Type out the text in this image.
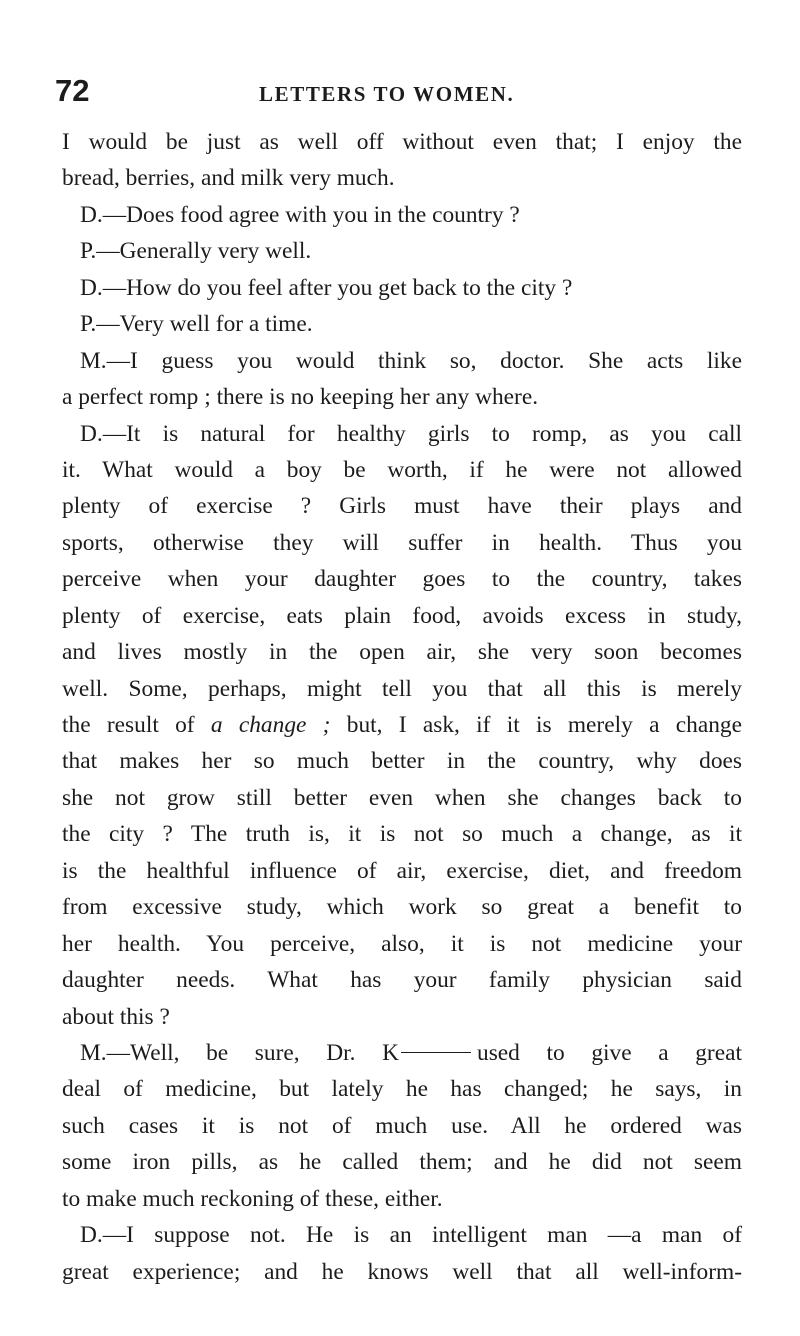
72	LETTERS TO WOMEN.
I would be just as well off without even that; I enjoy the
bread, berries, and milk very much.
D.—Does food agree with you in the country ?
P.—Generally very well.
D.—How do you feel after you get back to the city ?
P.—Very well for a time.
M.—I guess you would think so, doctor. She acts like
a perfect romp ; there is no keeping her any where.
D.—It is natural for healthy girls to romp, as you call
it. What would a boy be worth, if he were not allowed
plenty of exercise ? Girls must have their plays and
sports, otherwise they will suffer in health. Thus you
perceive when your daughter goes to the country, takes
plenty of exercise, eats plain food, avoids excess in study,
and lives mostly in the open air, she very soon becomes
well. Some, perhaps, might tell you that all this is merely
the result of a change ; but, I ask, if it is merely a change
that makes her so much better in the country, why does
she not grow still better even when she changes back to
the city ? The truth is, it is not so much a change, as it
is the healthful influence of air, exercise, diet, and freedom
from excessive study, which work so great a benefit to
her health. You perceive, also, it is not medicine your
daughter needs. What has your family physician said
about this ?
M.—Well, be sure, Dr. K	used to give a great
deal of medicine, but lately he has changed; he says, in
such cases it is not of much use. All he ordered was
some iron pills, as he called them; and he did not seem
to make much reckoning of these, either.
D.—I suppose not. He is an intelligent man —a man of
great experience; and he knows well that all well-inform-
